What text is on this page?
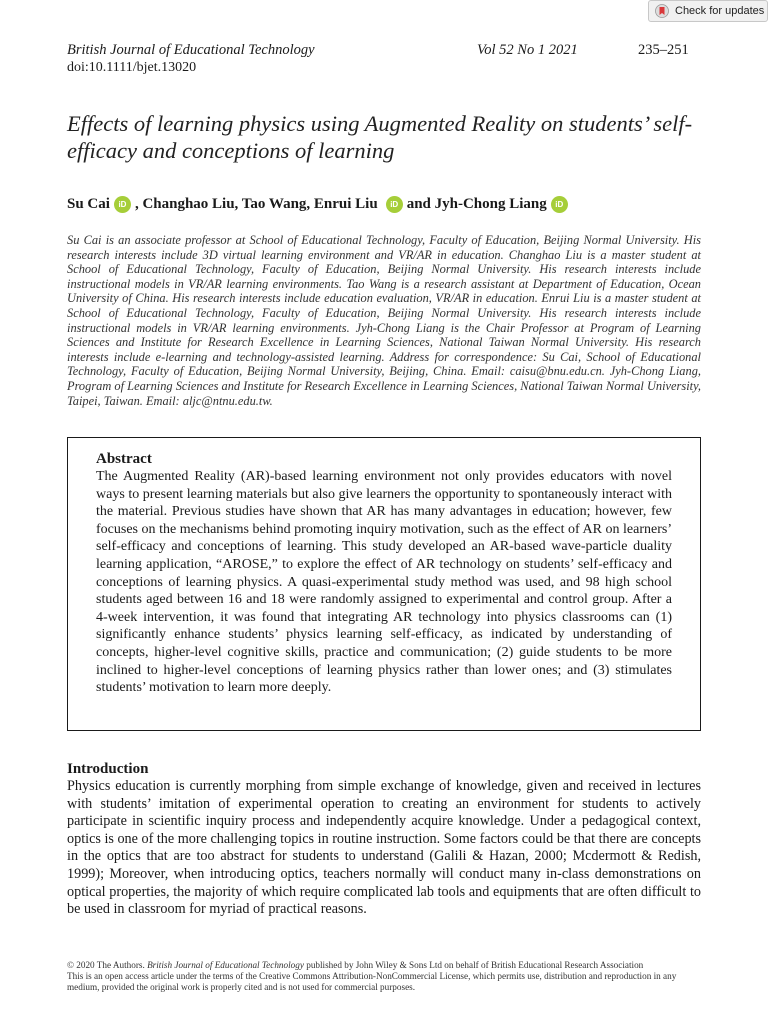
Check for updates
British Journal of Educational Technology
doi:10.1111/bjet.13020
Vol 52 No 1 2021	235–251
Effects of learning physics using Augmented Reality on students’ self-efficacy and conceptions of learning
Su Cai	iD , Changhao Liu, Tao Wang, Enrui Liu	iD and Jyh-Chong Liang	iD
Su Cai is an associate professor at School of Educational Technology, Faculty of Education, Beijing Normal University. His research interests include 3D virtual learning environment and VR/AR in education. Changhao Liu is a master student at School of Educational Technology, Faculty of Education, Beijing Normal University. His research interests include instructional models in VR/AR learning environments. Tao Wang is a research assistant at Department of Education, Ocean University of China. His research interests include education evaluation, VR/AR in education. Enrui Liu is a master student at School of Educational Technology, Faculty of Education, Beijing Normal University. His research interests include instructional models in VR/AR learning environments. Jyh-Chong Liang is the Chair Professor at Program of Learning Sciences and Institute for Research Excellence in Learning Sciences, National Taiwan Normal University. His research interests include e-learning and technology-assisted learning. Address for correspondence: Su Cai, School of Educational Technology, Faculty of Education, Beijing Normal University, Beijing, China. Email: caisu@bnu.edu.cn. Jyh-Chong Liang, Program of Learning Sciences and Institute for Research Excellence in Learning Sciences, National Taiwan Normal University, Taipei, Taiwan. Email: aljc@ntnu.edu.tw.
Abstract
The Augmented Reality (AR)-based learning environment not only provides educators with novel ways to present learning materials but also give learners the opportunity to spontaneously interact with the material. Previous studies have shown that AR has many advantages in education; however, few focuses on the mechanisms behind promoting inquiry motivation, such as the effect of AR on learners’ self-efficacy and conceptions of learning. This study developed an AR-based wave-particle duality learning application, “AROSE,” to explore the effect of AR technology on students’ self-efficacy and conceptions of learning physics. A quasi-experimental study method was used, and 98 high school students aged between 16 and 18 were randomly assigned to experimental and control group. After a 4-week intervention, it was found that integrating AR technology into physics classrooms can (1) significantly enhance students’ physics learning self-efficacy, as indicated by understanding of concepts, higher-level cognitive skills, practice and communication; (2) guide students to be more inclined to higher-level conceptions of learning physics rather than lower ones; and (3) stimulates students’ motivation to learn more deeply.
Introduction
Physics education is currently morphing from simple exchange of knowledge, given and received in lectures with students’ imitation of experimental operation to creating an environment for students to actively participate in scientific inquiry process and independently acquire knowledge. Under a pedagogical context, optics is one of the more challenging topics in routine instruction. Some factors could be that there are concepts in the optics that are too abstract for students to understand (Galili & Hazan, 2000; Mcdermott & Redish, 1999); Moreover, when introducing optics, teachers normally will conduct many in-class demonstrations on optical properties, the majority of which require complicated lab tools and equipments that are often difficult to be used in classroom for myriad of practical reasons.
© 2020 The Authors. British Journal of Educational Technology published by John Wiley & Sons Ltd on behalf of British Educational Research Association
This is an open access article under the terms of the Creative Commons Attribution-NonCommercial License, which permits use, distribution and reproduction in any medium, provided the original work is properly cited and is not used for commercial purposes.
